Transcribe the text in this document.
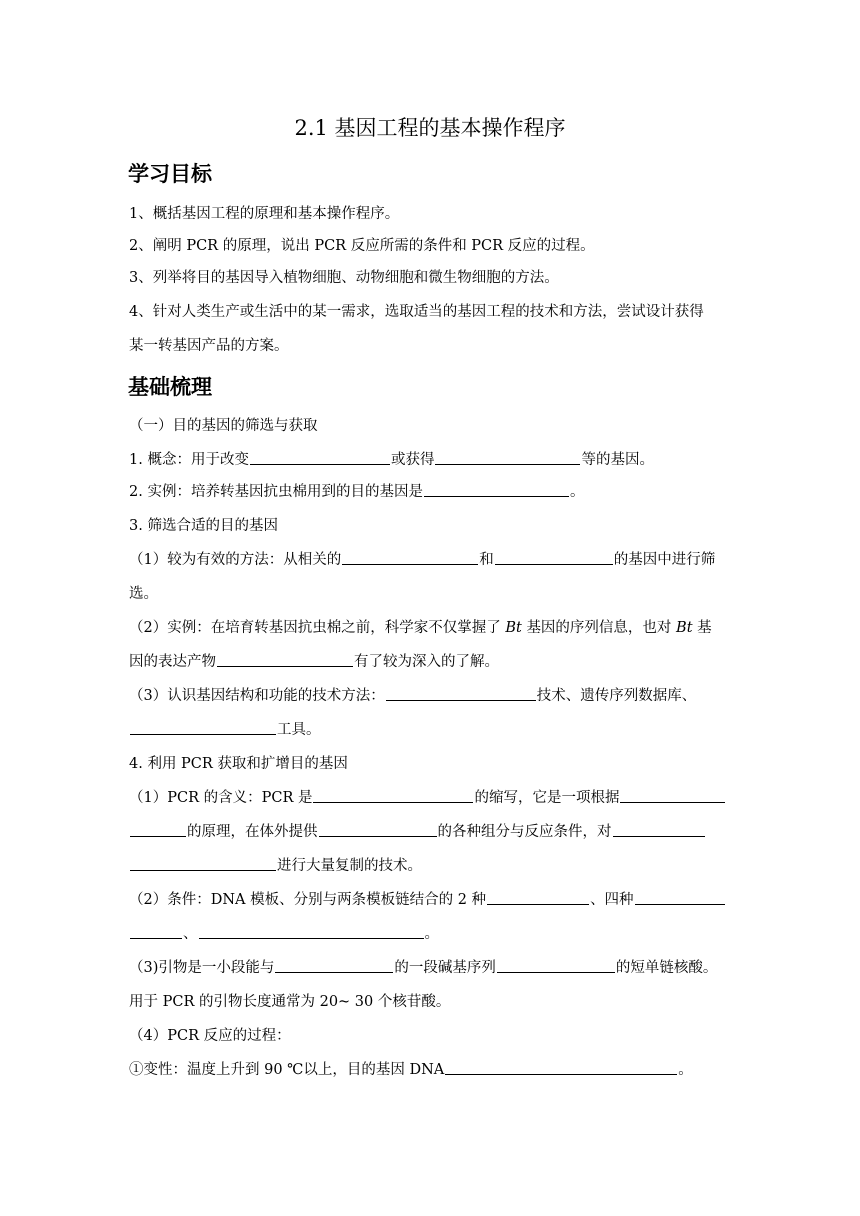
2.1 基因工程的基本操作程序
学习目标
1、概括基因工程的原理和基本操作程序。
2、阐明 PCR 的原理，说出 PCR 反应所需的条件和 PCR 反应的过程。
3、列举将目的基因导入植物细胞、动物细胞和微生物细胞的方法。
4、针对人类生产或生活中的某一需求，选取适当的基因工程的技术和方法，尝试设计获得
某一转基因产品的方案。
基础梳理
（一）目的基因的筛选与获取
1. 概念：用于改变	或获得	等的基因。
2. 实例：培养转基因抗虫棉用到的目的基因是	。
3. 筛选合适的目的基因
（1）较为有效的方法：从相关的	和	的基因中进行筛
选。
（2）实例：在培育转基因抗虫棉之前，科学家不仅掌握了 Bt 基因的序列信息，也对 Bt 基
因的表达产物	有了较为深入的了解。
（3）认识基因结构和功能的技术方法：	技术、遗传序列数据库、
工具。
4. 利用 PCR 获取和扩增目的基因
（1）PCR 的含义：PCR 是	的缩写，它是一项根据
的原理，在体外提供	的各种组分与反应条件，对
进行大量复制的技术。
（2）条件：DNA 模板、分别与两条模板链结合的 2 种	、四种
、	。
（3)引物是一小段能与	的一段碱基序列	的短单链核酸。
用于 PCR 的引物长度通常为 20~ 30 个核苷酸。
（4）PCR 反应的过程：
①变性：温度上升到 90 ℃以上，目的基因 DNA	。
